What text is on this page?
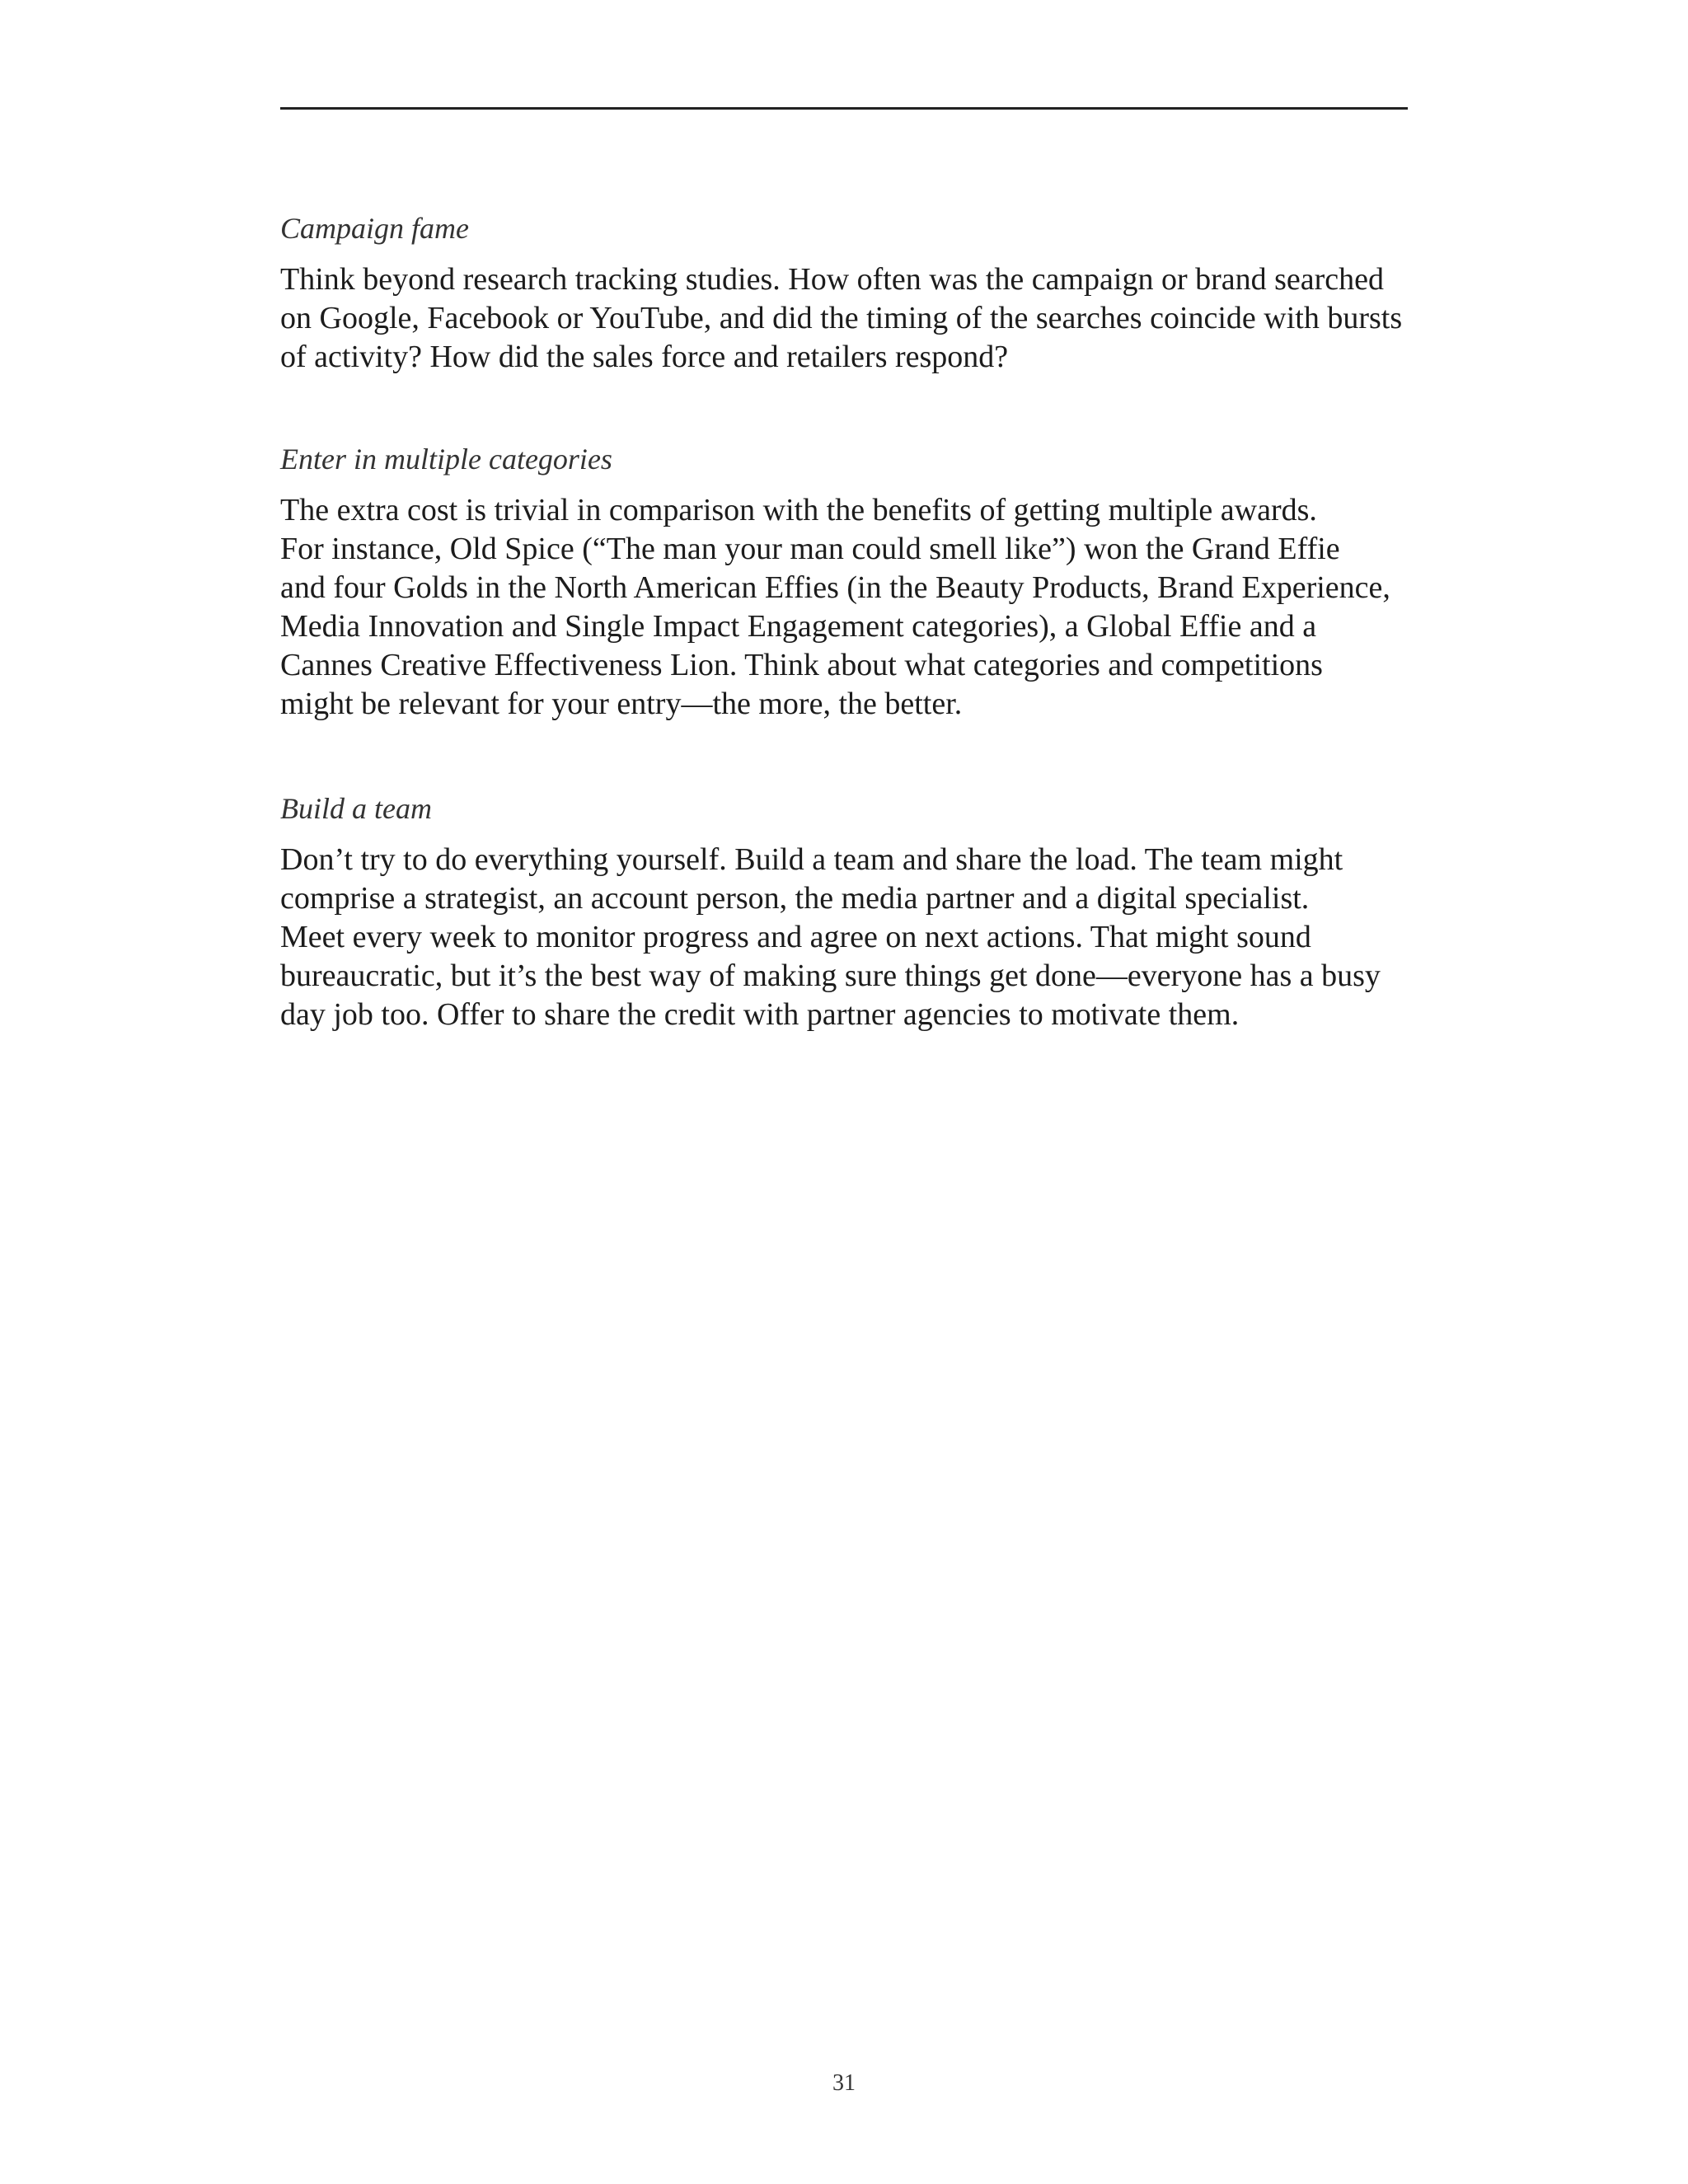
Campaign fame

Think beyond research tracking studies. How often was the campaign or brand searched
on Google, Facebook or YouTube, and did the timing of the searches coincide with bursts
of activity? How did the sales force and retailers respond?

Enter in multiple categories

The extra cost is trivial in comparison with the benefits of getting multiple awards.
For instance, Old Spice (“The man your man could smell like”) won the Grand Effie
and four Golds in the North American Effies (in the Beauty Products, Brand Experience,
Media Innovation and Single Impact Engagement categories), a Global Effie and a
Cannes Creative Effectiveness Lion. Think about what categories and competitions
might be relevant for your entry—the more, the better.

Build a team

Don’t try to do everything yourself. Build a team and share the load. The team might
comprise a strategist, an account person, the media partner and a digital specialist.
Meet every week to monitor progress and agree on next actions. That might sound
bureaucratic, but it’s the best way of making sure things get done—everyone has a busy
day job too. Offer to share the credit with partner agencies to motivate them.

31
